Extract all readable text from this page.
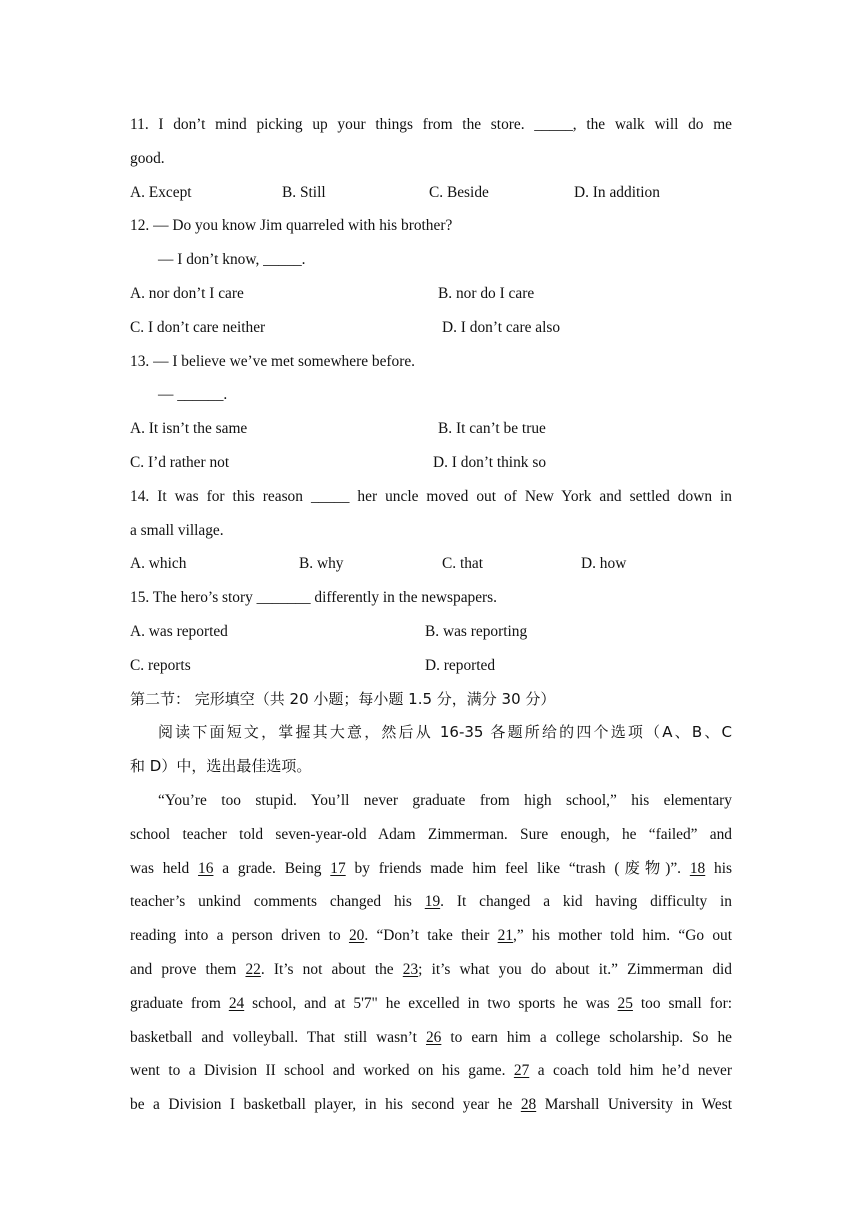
11. I don’t mind picking up your things from the store. _____, the walk will do me
good.
A. Except	B. Still	C. Beside	D. In addition
12. — Do you know Jim quarreled with his brother?
— I don’t know, _____.
A. nor don’t I care	B. nor do I care
C. I don’t care neither	D. I don’t care also
13. — I believe we’ve met somewhere before.
— ______.
A. It isn’t the same	B. It can’t be true
C. I’d rather not	D. I don’t think so
14. It was for this reason _____ her uncle moved out of New York and settled down in
a small village.
A. which	B. why	C. that	D. how
15. The hero’s story _______ differently in the newspapers.
A. was reported	B. was reporting
C. reports	D. reported
第二节： 完形填空（共 20 小题；每小题 1.5 分，满分 30 分）
阅读下面短文，掌握其大意，然后从 16-35 各题所给的四个选项（A、B、C
和 D）中，选出最佳选项。
“You’re too stupid. You’ll never graduate from high school,” his elementary
school teacher told seven-year-old Adam Zimmerman. Sure enough, he “failed” and
was held 16 a grade. Being 17 by friends made him feel like “trash (废物)”. 18 his
teacher’s unkind comments changed his 19. It changed a kid having difficulty in
reading into a person driven to 20. “Don’t take their 21,” his mother told him. “Go out
and prove them 22. It’s not about the 23; it’s what you do about it.” Zimmerman did
graduate from 24 school, and at 5'7" he excelled in two sports he was 25 too small for:
basketball and volleyball. That still wasn’t 26 to earn him a college scholarship. So he
went to a Division II school and worked on his game. 27 a coach told him he’d never
be a Division I basketball player, in his second year he 28 Marshall University in West
